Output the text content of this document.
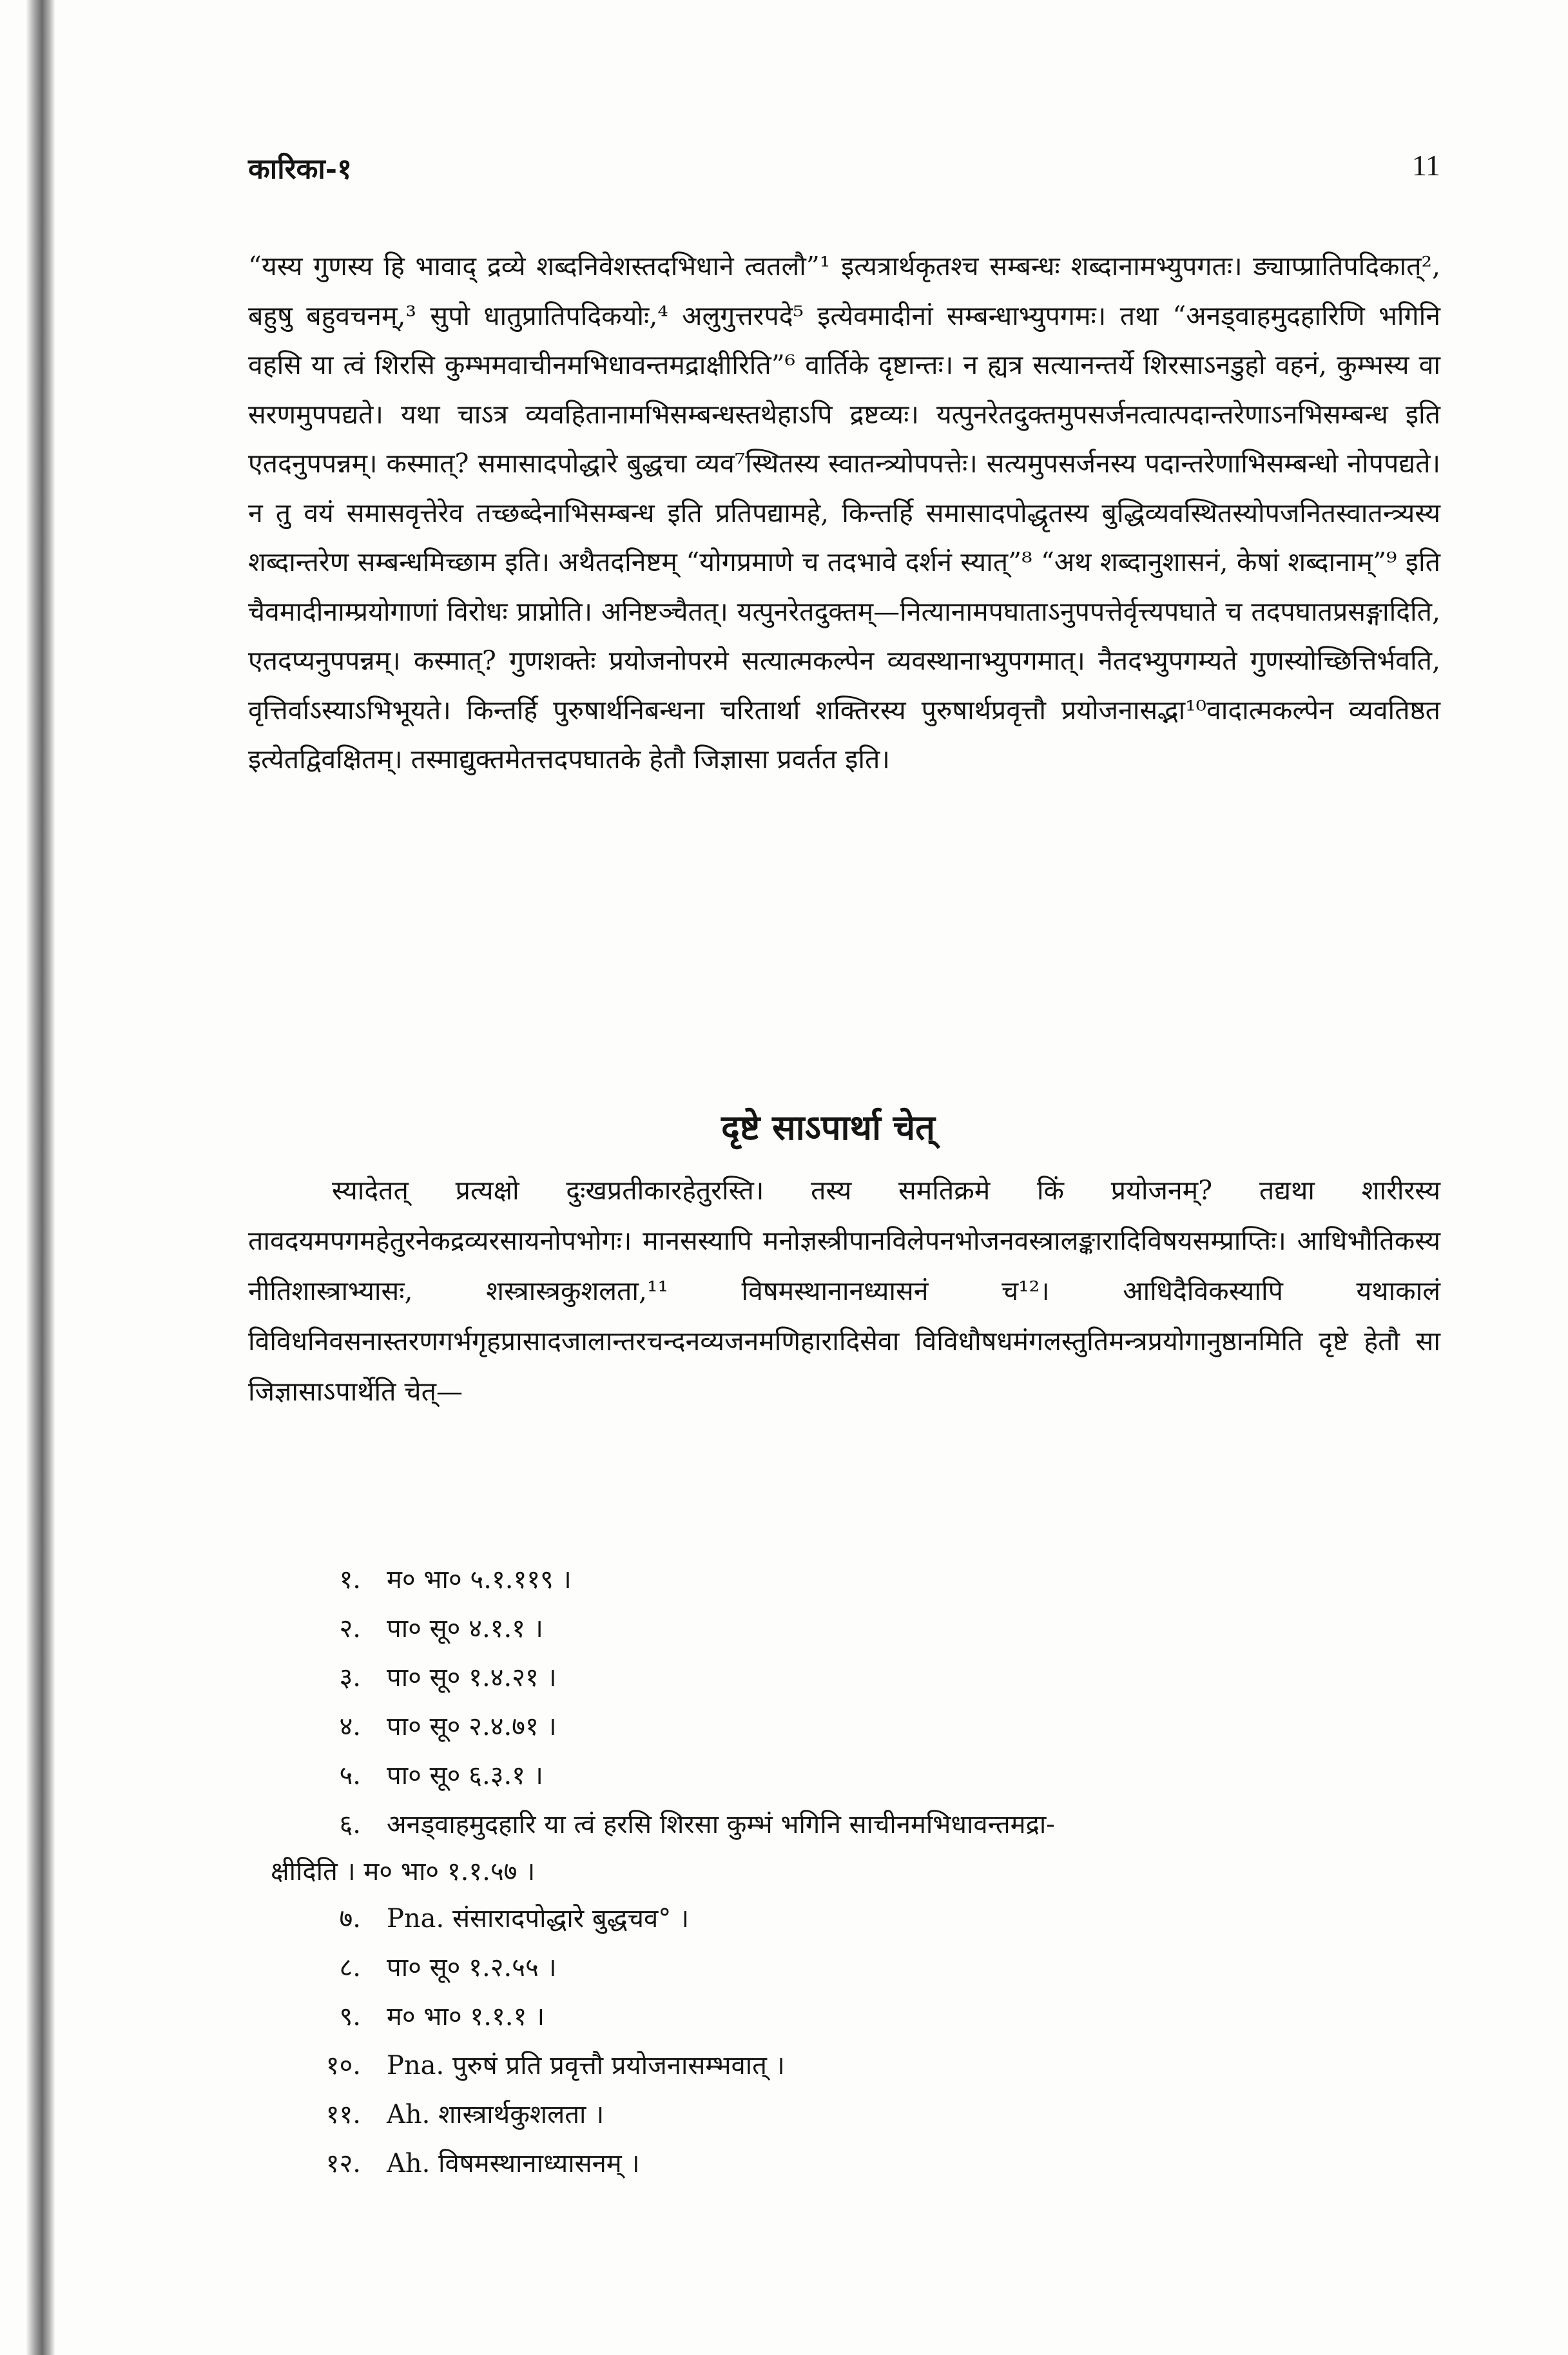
कारिका-१	11

“यस्य गुणस्य हि भावाद् द्रव्ये शब्दनिवेशस्तदभिधाने त्वतलौ”¹ इत्यत्रार्थकृतश्च सम्बन्धः शब्दानामभ्युपगतः। ङ्याप्प्रातिपदिकात्², बहुषु बहुवचनम्,³ सुपो धातुप्रातिपदिकयोः,⁴ अलुगुत्तरपदे⁵ इत्येवमादीनां सम्बन्धाभ्युपगमः। तथा “अनड्वाहमुदहारिणि भगिनि वहसि या त्वं शिरसि कुम्भमवाचीनमभिधावन्तमद्राक्षीरिति”⁶ वार्तिके दृष्टान्तः। न ह्यत्र सत्यानन्तर्ये शिरसाऽनडुहो वहनं, कुम्भस्य वा सरणमुपपद्यते। यथा चाऽत्र व्यवहितानामभिसम्बन्धस्तथेहाऽपि द्रष्टव्यः। यत्पुनरेतदुक्तमुपसर्जनत्वात्पदान्तरेणाऽनभिसम्बन्ध इति एतदनुपपन्नम्। कस्मात्? समासादपोद्धारे बुद्धचा व्यव⁷स्थितस्य स्वातन्त्र्योपपत्तेः। सत्यमुपसर्जनस्य पदान्तरेणाभिसम्बन्धो नोपपद्यते। न तु वयं समासवृत्तेरेव तच्छब्देनाभिसम्बन्ध इति प्रतिपद्यामहे, किन्तर्हि समासादपोद्धृतस्य बुद्धिव्यवस्थितस्योपजनितस्वातन्त्र्यस्य शब्दान्तरेण सम्बन्धमिच्छाम इति। अथैतदनिष्टम् “योगप्रमाणे च तदभावे दर्शनं स्यात्”⁸ “अथ शब्दानुशासनं, केषां शब्दानाम्”⁹ इति चैवमादीनाम्प्रयोगाणां विरोधः प्राप्नोति। अनिष्टञ्चैतत्। यत्पुनरेतदुक्तम्—नित्यानामपघाताऽनुपपत्तेर्वृत्त्यपघाते च तदपघातप्रसङ्गादिति, एतदप्यनुपपन्नम्। कस्मात्? गुणशक्तेः प्रयोजनोपरमे सत्यात्मकल्पेन व्यवस्थानाभ्युपगमात्। नैतदभ्युपगम्यते गुणस्योच्छित्तिर्भवति, वृत्तिर्वाऽस्याऽभिभूयते। किन्तर्हि पुरुषार्थनिबन्धना चरितार्था शक्तिरस्य पुरुषार्थप्रवृत्तौ प्रयोजनासद्भा¹⁰वादात्मकल्पेन व्यवतिष्ठत इत्येतद्विवक्षितम्। तस्माद्युक्तमेतत्तदपघातके हेतौ जिज्ञासा प्रवर्तत इति।

दृष्टे साऽपार्था चेत्

स्यादेतत् प्रत्यक्षो दुःखप्रतीकारहेतुरस्ति। तस्य समतिक्रमे किं प्रयोजनम्? तद्यथा शारीरस्य तावदयमपगमहेतुरनेकद्रव्यरसायनोपभोगः। मानसस्यापि मनोज्ञस्त्रीपानविलेपनभोजनवस्त्रालङ्कारादिविषयसम्प्राप्तिः। आधिभौतिकस्य नीतिशास्त्राभ्यासः, शस्त्रास्त्रकुशलता,¹¹ विषमस्थानानध्यासनं च¹²। आधिदैविकस्यापि यथाकालं विविधनिवसनास्तरणगर्भगृहप्रासादजालान्तरचन्दनव्यजनमणिहारादिसेवा विविधौषधमंगलस्तुतिमन्त्रप्रयोगानुष्ठानमिति दृष्टे हेतौ सा जिज्ञासाऽपार्थेति चेत्—

१.	म० भा० ५.१.११९ ।
२.	पा० सू० ४.१.१ ।
३.	पा० सू० १.४.२१ ।
४.	पा० सू० २.४.७१ ।
५.	पा० सू० ६.३.१ ।
६.	अनड्वाहमुदहारि या त्वं हरसि शिरसा कुम्भं भगिनि साचीनमभिधावन्तमद्रा-
क्षीदिति । म० भा० १.१.५७ ।
७.	Pna. संसारादपोद्धारे बुद्धचव° ।
८.	पा० सू० १.२.५५ ।
९.	म० भा० १.१.१ ।
१०.	Pna. पुरुषं प्रति प्रवृत्तौ प्रयोजनासम्भवात् ।
११.	Ah. शास्त्रार्थकुशलता ।
१२.	Ah. विषमस्थानाध्यासनम् ।
